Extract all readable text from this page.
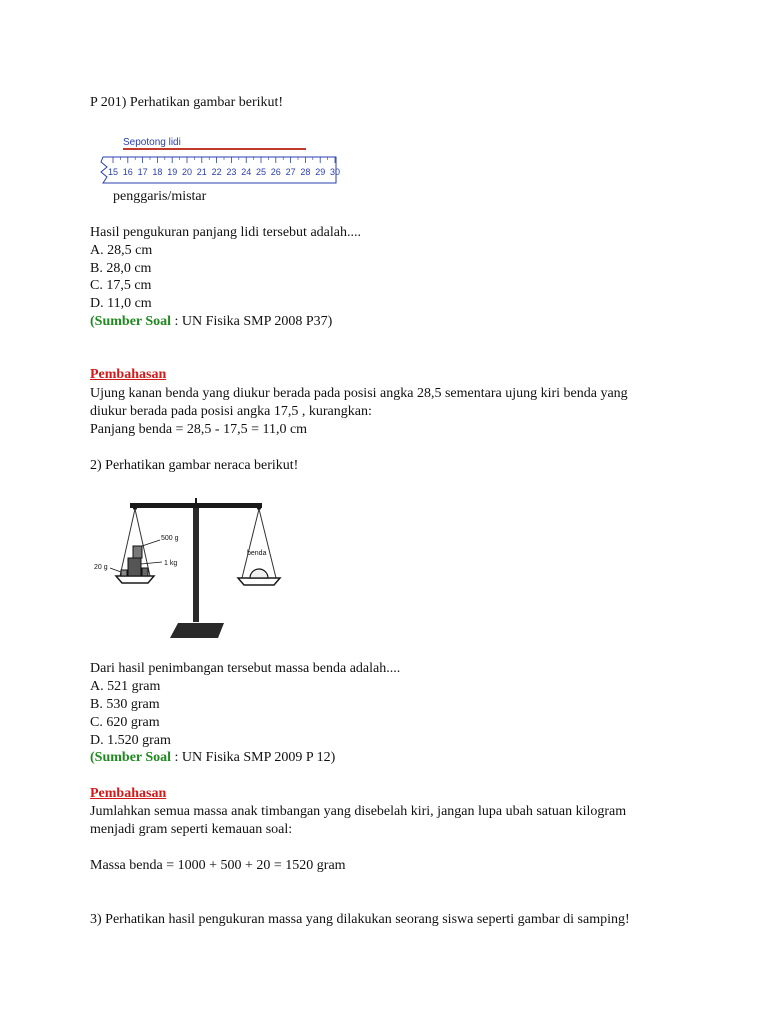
P 201) Perhatikan gambar berikut!
Sepotong lidi
15 16 17 18 19 20 21 22 23 24 25 26 27 28 29 30
penggaris/mistar
Hasil pengukuran panjang lidi tersebut adalah....
A. 28,5 cm
B. 28,0 cm
C. 17,5 cm
D. 11,0 cm
(Sumber Soal : UN Fisika SMP 2008 P37)
Pembahasan
Ujung kanan benda yang diukur berada pada posisi angka 28,5 sementara ujung kiri benda yang
diukur berada pada posisi angka 17,5 , kurangkan:
Panjang benda = 28,5 - 17,5 = 11,0 cm
2) Perhatikan gambar neraca berikut!
500 g
1 kg
20 g
benda
Dari hasil penimbangan tersebut massa benda adalah....
A. 521 gram
B. 530 gram
C. 620 gram
D. 1.520 gram
(Sumber Soal : UN Fisika SMP 2009 P 12)
Pembahasan
Jumlahkan semua massa anak timbangan yang disebelah kiri, jangan lupa ubah satuan kilogram
menjadi gram seperti kemauan soal:
Massa benda = 1000 + 500 + 20 = 1520 gram
3) Perhatikan hasil pengukuran massa yang dilakukan seorang siswa seperti gambar di samping!
